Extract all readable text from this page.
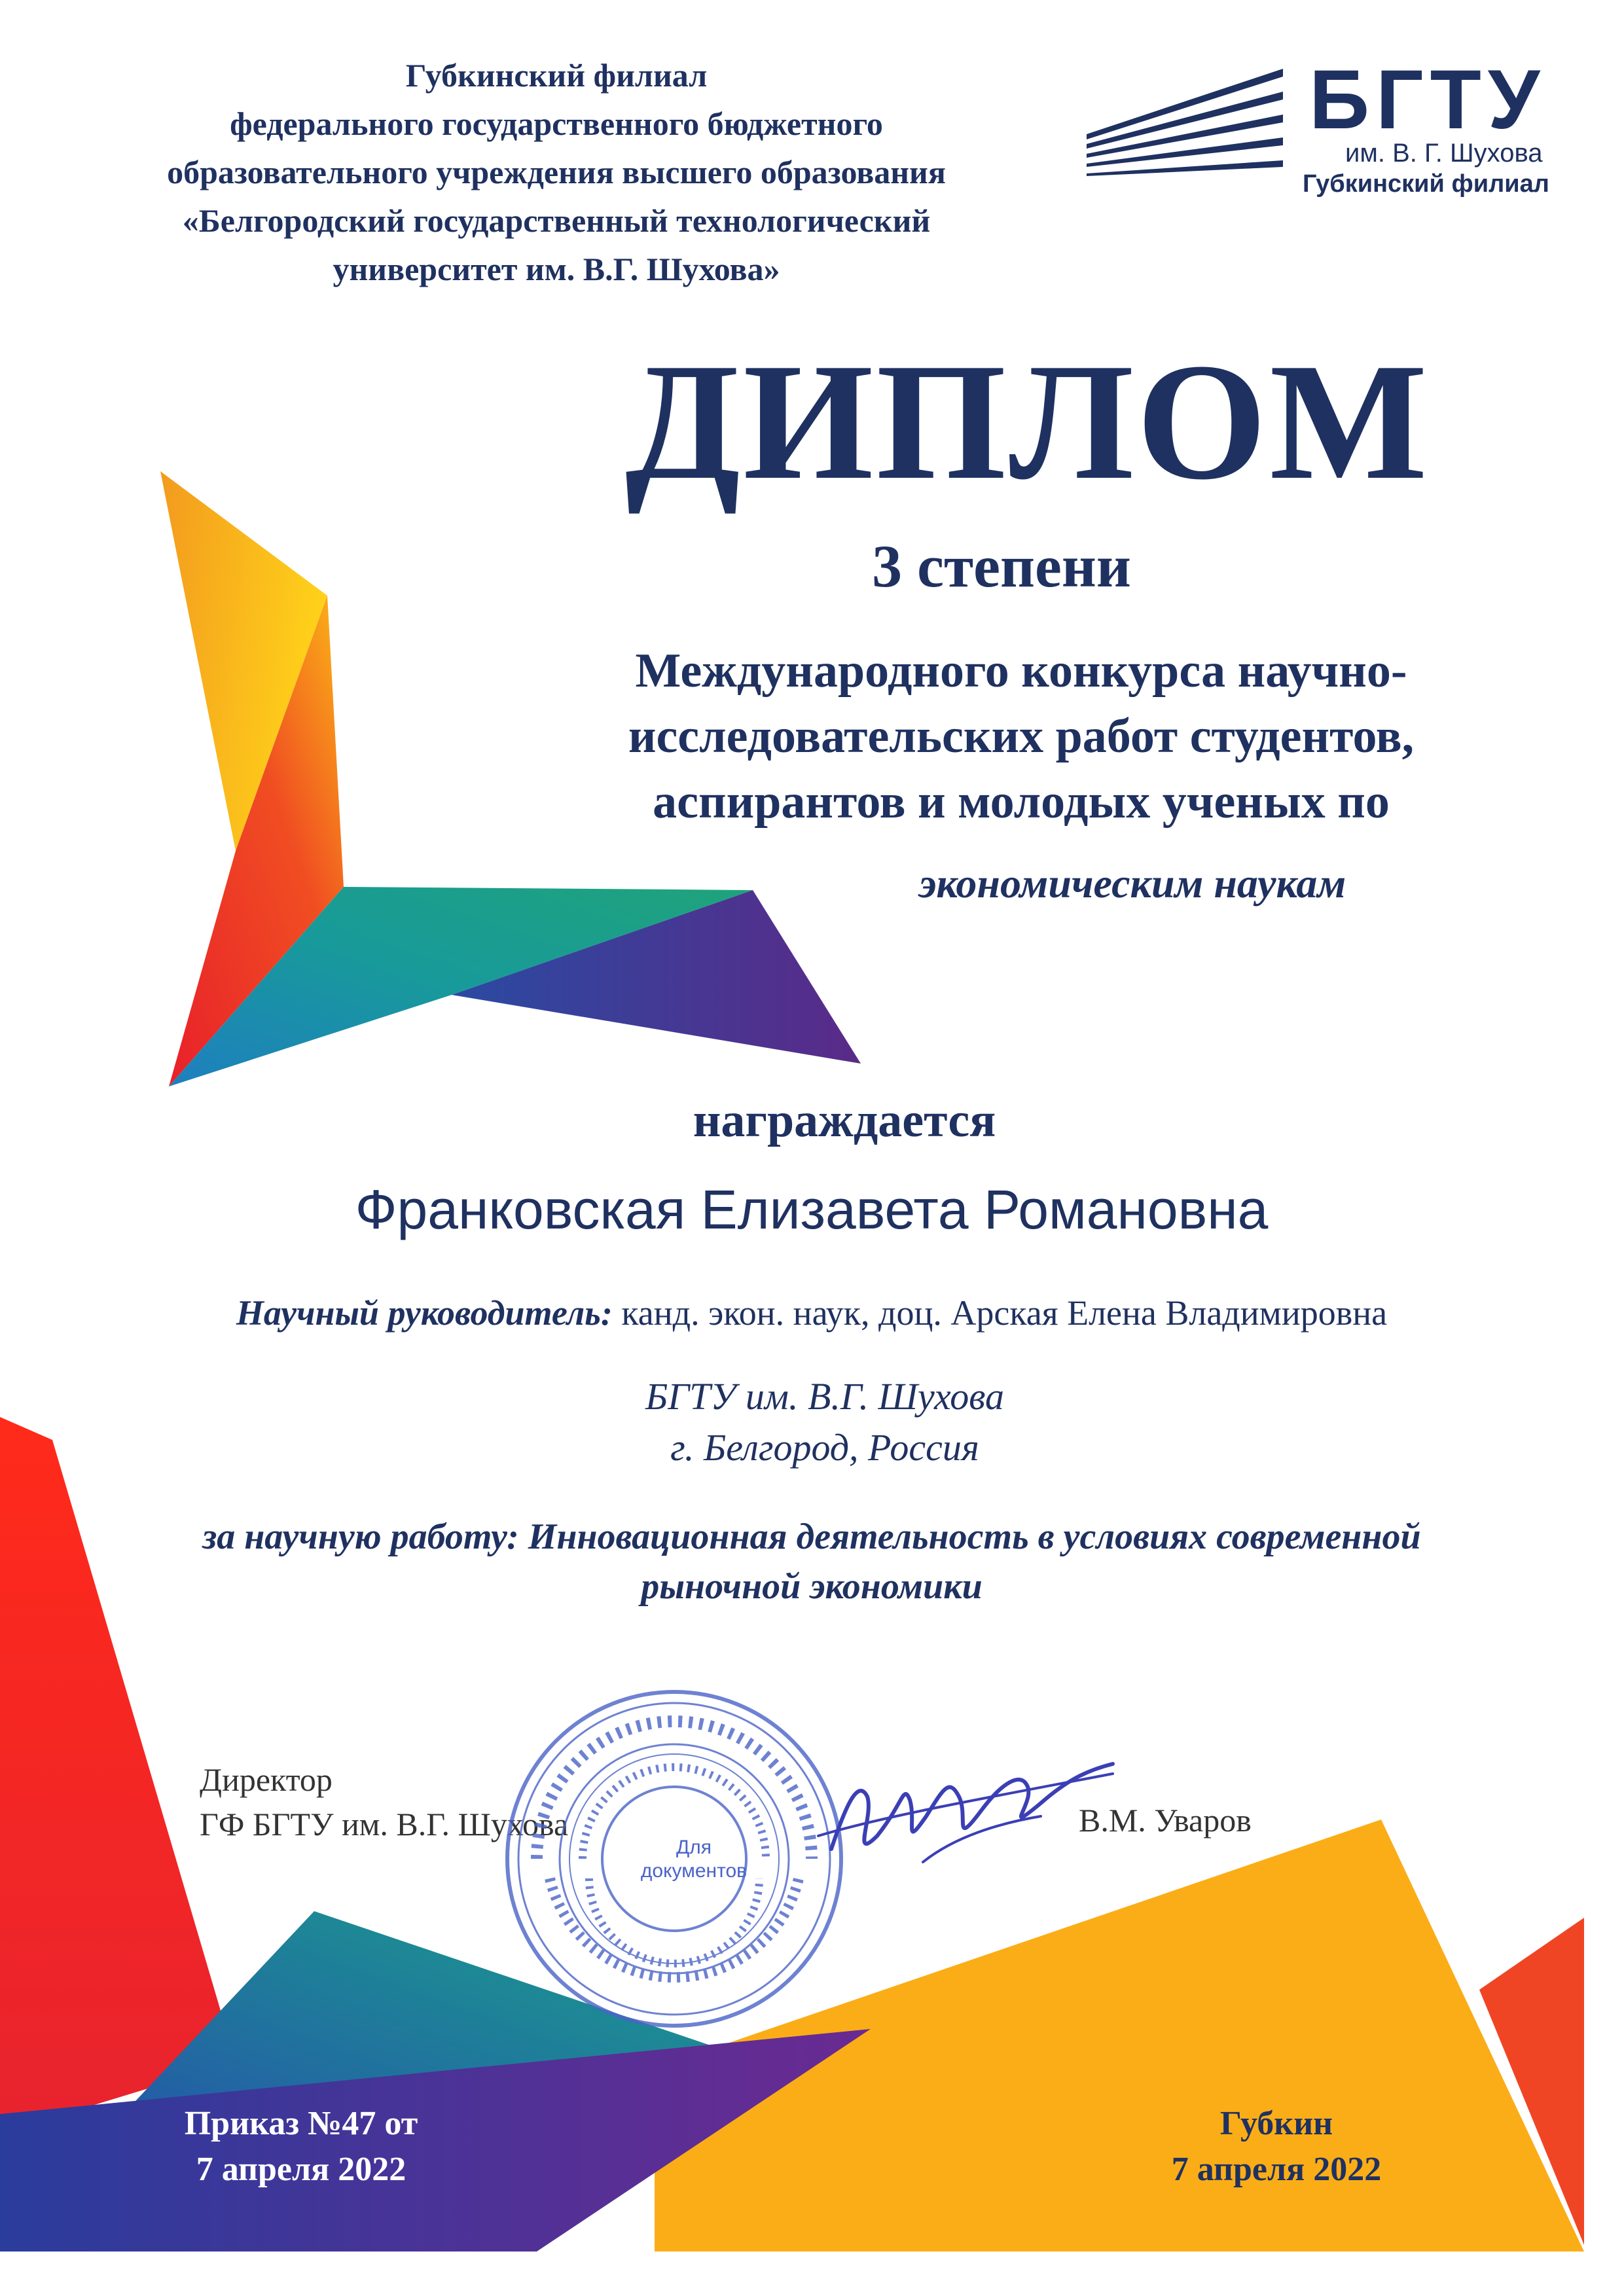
Губкинский филиал
федерального государственного бюджетного
образовательного учреждения высшего образования
«Белгородский государственный технологический
университет им. В.Г. Шухова»
БГТУ
им. В. Г. Шухова
Губкинский филиал
ДИПЛОМ
3 степени
Международного конкурса научно-
исследовательских работ студентов,
аспирантов и молодых ученых по
экономическим наукам
награждается
Франковская Елизавета Романовна
Научный руководитель: канд. экон. наук, доц. Арская Елена Владимировна
БГТУ им. В.Г. Шухова
г. Белгород, Россия
за научную работу: Инновационная деятельность в условиях современной
рыночной экономики
Директор
ГФ БГТУ им. В.Г. Шухова	В.М. Уваров
Для
документов
Приказ №47 от
7 апреля 2022
Губкин
7 апреля 2022
